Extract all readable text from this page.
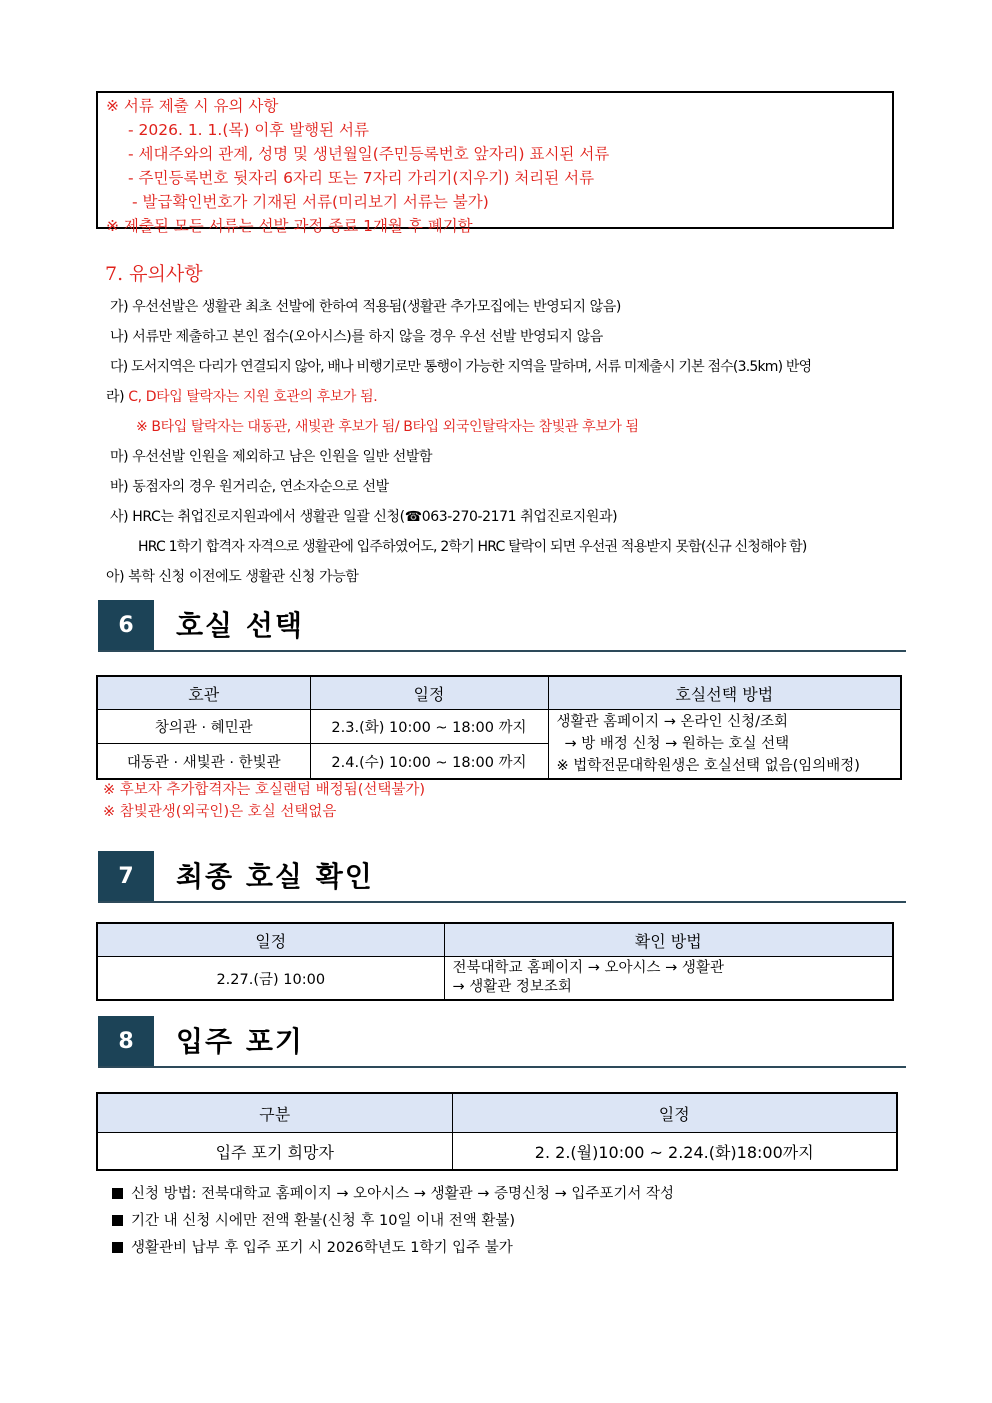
※ 서류 제출 시 유의 사항
- 2026. 1. 1.(목) 이후 발행된 서류
- 세대주와의 관계, 성명 및 생년월일(주민등록번호 앞자리) 표시된 서류
- 주민등록번호 뒷자리 6자리 또는 7자리 가리기(지우기) 처리된 서류
- 발급확인번호가 기재된 서류(미리보기 서류는 불가)
※ 제출된 모든 서류는 선발 과정 종료 1개월 후 폐기함
7. 유의사항
가) 우선선발은 생활관 최초 선발에 한하여 적용됨(생활관 추가모집에는 반영되지 않음)
나) 서류만 제출하고 본인 접수(오아시스)를 하지 않을 경우 우선 선발 반영되지 않음
다) 도서지역은 다리가 연결되지 않아, 배나 비행기로만 통행이 가능한 지역을 말하며, 서류 미제출시 기본 점수(3.5km) 반영
라) C, D타입 탈락자는 지원 호관의 후보가 됨.
※ B타입 탈락자는 대동관, 새빛관 후보가 됨/ B타입 외국인탈락자는 참빛관 후보가 됨
마) 우선선발 인원을 제외하고 남은 인원을 일반 선발함
바) 동점자의 경우 원거리순, 연소자순으로 선발
사) HRC는 취업진로지원과에서 생활관 일괄 신청(☎063-270-2171 취업진로지원과)
HRC 1학기 합격자 자격으로 생활관에 입주하였어도, 2학기 HRC 탈락이 되면 우선권 적용받지 못함(신규 신청해야 함)
아) 복학 신청 이전에도 생활관 신청 가능함
6	호실 선택
호관	일정	호실선택 방법
창의관 · 혜민관	2.3.(화) 10:00 ~ 18:00 까지	생활관 홈페이지 → 온라인 신청/조회
→ 방 배정 신청 → 원하는 호실 선택
※ 법학전문대학원생은 호실선택 없음(임의배정)

대동관 · 새빛관 · 한빛관	2.4.(수) 10:00 ~ 18:00 까지	
※ 후보자 추가합격자는 호실랜덤 배정됨(선택불가)
※ 참빛관생(외국인)은 호실 선택없음
7	최종 호실 확인
일정	확인 방법
2.27.(금) 10:00	전북대학교 홈페이지 → 오아시스 → 생활관
→ 생활관 정보조회
8	입주 포기
구분	일정
입주 포기 희망자	2. 2.(월)10:00 ~ 2.24.(화)18:00까지
신청 방법: 전북대학교 홈페이지 → 오아시스 → 생활관 → 증명신청 → 입주포기서 작성
기간 내 신청 시에만 전액 환불(신청 후 10일 이내 전액 환불)
생활관비 납부 후 입주 포기 시 2026학년도 1학기 입주 불가
